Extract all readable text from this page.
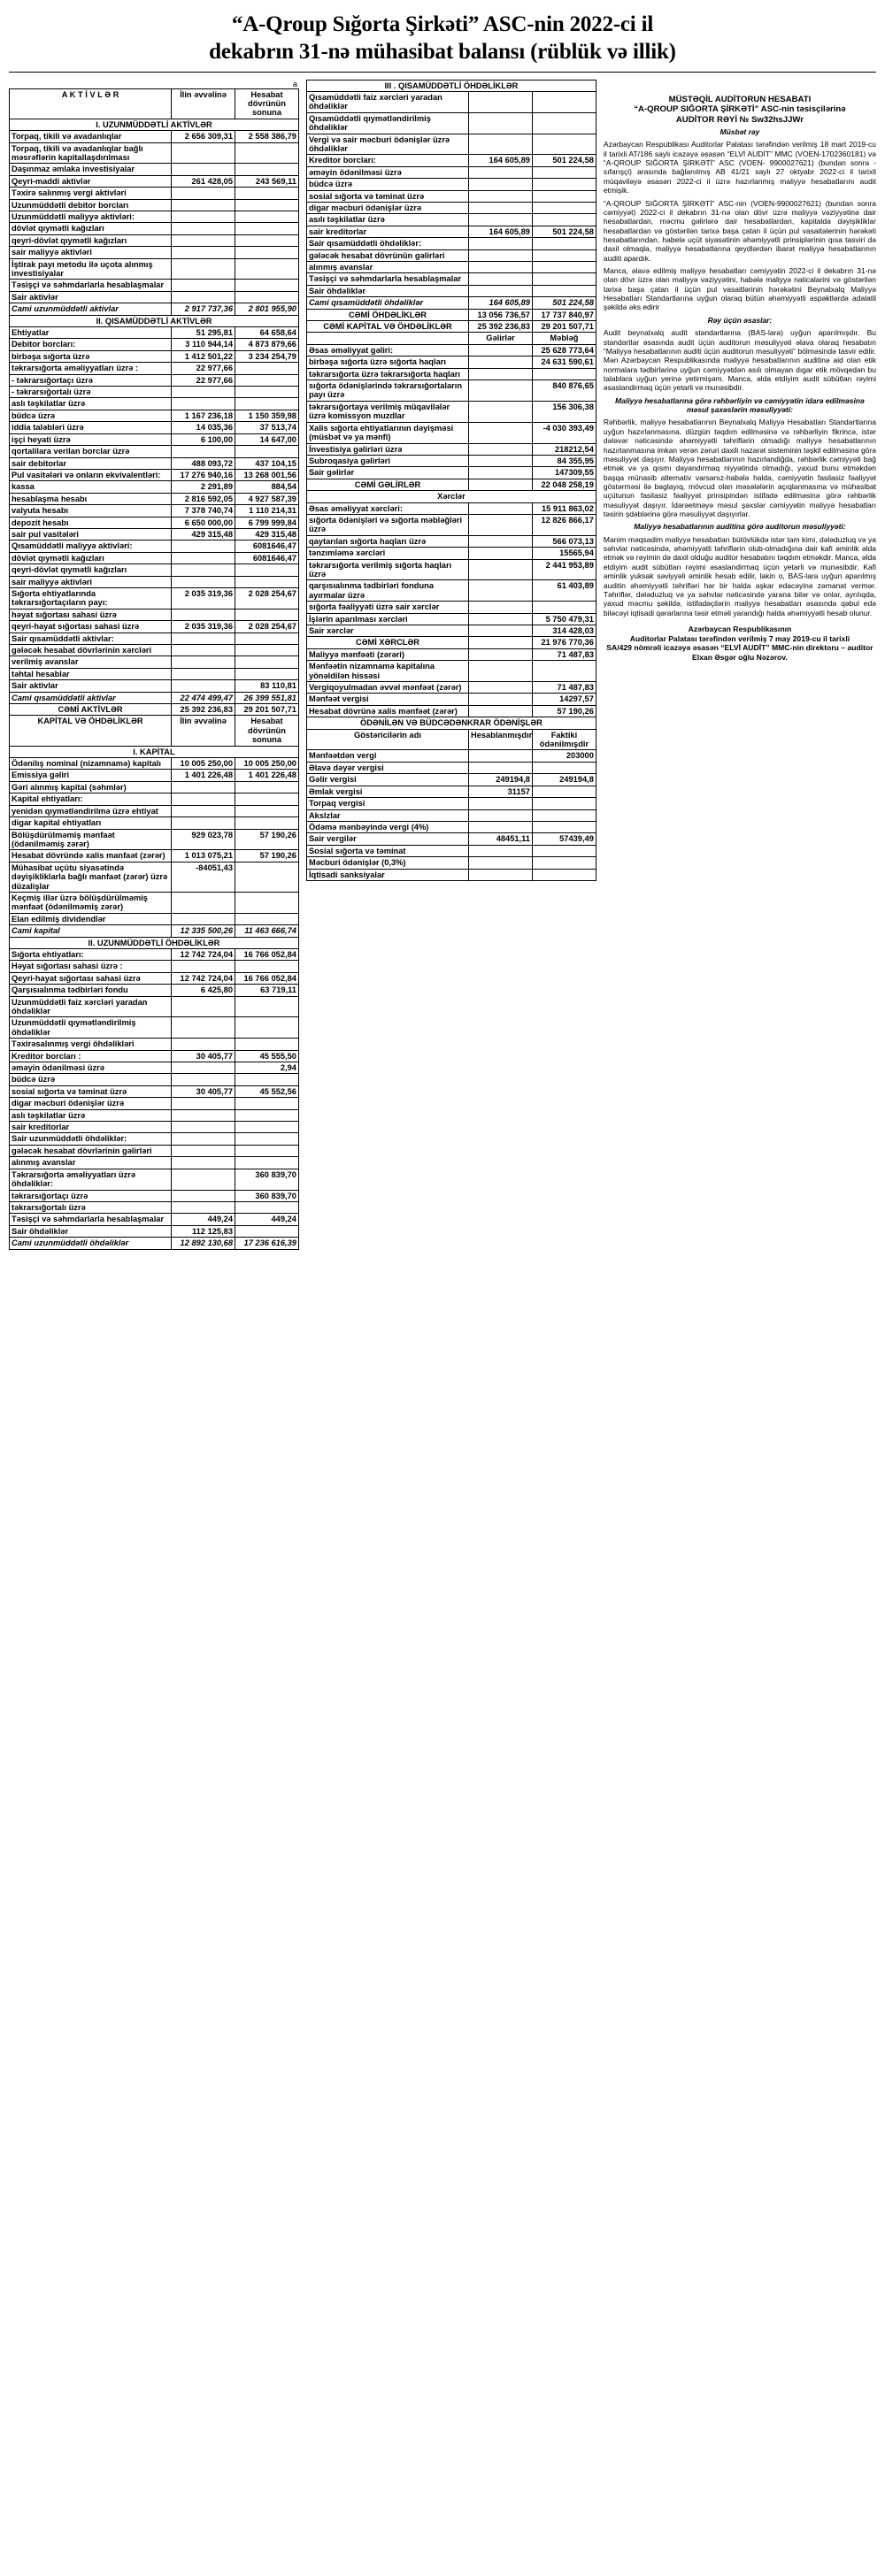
“A-Qroup Sığorta Şirkəti” ASC-nin 2022-ci il
dekabrın 31-nə mühasibat balansı (rüblük və illik)
a
A K T İ V L Ə R	İlin əvvəlinə	Hesabat dövrünün sonuna
I. UZUNMÜDDƏTLİ AKTİVLƏR		
Torpaq, tikili və avadanlıqlar	2 656 309,31	2 558 386,79
Torpaq, tikili və avadanlıqlar bağlı məsrəflərin kapitallaşdırılması		
Daşınmaz əmlaka investisiyalar		
Qeyri-maddi aktivlər	261 428,05	243 569,11
Təxirə salınmış vergi aktivləri		
Uzunmüddətli debitor borcları		
Uzunmüddətli maliyyə aktivləri:		
dövlət qıymətli kağızları		
qeyri-dövlət qıymətli kağızları		
sair maliyyə aktivləri		
İştirak payı metodu ilə uçota alınmış investisiyalar		
Təsişçi və səhmdarlarla hesablaşmalar		
Sair aktivlər		
Cami uzunmüddətli aktivlar	2 917 737,36	2 801 955,90
II. QISAMÜDDƏTLİ AKTİVLƏR		
Ehtiyatlar	51 295,81	64 658,64
Debitor borcları:	3 110 944,14	4 873 879,66
birbəşa sığorta üzrə	1 412 501,22	3 234 254,79
təkrarsığorta əməliyyatları üzrə :	22 977,66	
- təkrarsığortaçı üzrə	22 977,66	
- təkrarsığortalı üzrə		
aslı təşkilatlar üzrə		
büdcə üzrə	1 167 236,18	1 150 359,98
iddia taləbləri üzrə	14 035,36	37 513,74
işçi heyati üzrə	6 100,00	14 647,00
qortalilara verilan borclar üzrə		
sair debitorlar	488 093,72	437 104,15
Pul vasitələri və onların ekvivalentləri:	17 276 940,16	13 268 001,56
kassa	2 291,89	884,54
hesablaşma hesabı	2 816 592,05	4 927 587,39
valyuta hesabı	7 378 740,74	1 110 214,31
depozit hesabı	6 650 000,00	6 799 999,84
sair pul vasitələri	429 315,48	429 315,48
Qısamüddətli maliyyə aktivləri:		6081646,47
dövlət qıymətli kağızları		6081646,47
qeyri-dövlət qıymətli kağızları		
sair maliyyə aktivləri		
Sığorta ehtiyatlarında təkrarsığortaçıların payı:	2 035 319,36	2 028 254,67
həyat sığortası sahasi üzrə		
qeyri-hayat sığortası sahasi üzrə	2 035 319,36	2 028 254,67
Sair qısamüddətli aktivlar:		
gələcək hesabat dövrlərinin xərcləri		
verilmiş avanslar		
təhtal hesablar		
Sair aktivlar		83 110,81
Cami qısamüddətli aktivlar	22 474 499,47	26 399 551,81
CƏMİ AKTİVLƏR	25 392 236,83	29 201 507,71
KAPİTAL VƏ ÖHDƏLİKLƏR	İlin əvvəlinə	Hesabat dövrünün sonuna
I. KAPİTAL		
Ödənilış nominal (nizamnamə) kapitalı	10 005 250,00	10 005 250,00
Emissiya gəliri	1 401 226,48	1 401 226,48
Gəri alınmış kapital (səhmlər)		
Kapital ehtiyatları:		
yenidən qıymətləndirilmə üzrə ehtiyat		
digar kapital ehtiyatları		
Bölüşdürülməmiş mənfaət (ödənilməmiş zərər)	929 023,78	57 190,26
Hesabat dövründə xalis manfaət (zərər)	1 013 075,21	57 190,26
Mühasibat uçütu siyasətində dəyişikliklarla bağlı manfaət (zərər) üzrə düzalişlar	-84051,43	
Keçmiş illər üzrə bölüşdürülməmiş mənfaət (ödənilməmiş zərər)		
Elan edilmiş dividendlər		
Cami kapital	12 335 500,26	11 463 666,74
II. UZUNMÜDDƏTLİ ÖHDƏLİKLƏR		
Sığorta ehtiyatları:	12 742 724,04	16 766 052,84
Həyat sığortası sahasi üzrə :		
Qeyri-hayat sığortası sahasi üzrə	12 742 724,04	16 766 052,84
Qarşısıalınma tədbirləri fondu	6 425,80	63 719,11
Uzunmüddətli faiz xərcləri yaradan öhdəliklər		
Uzunmüddətli qıymətləndirilmiş öhdəliklər		
Təxirəsalınmış vergi öhdəlikləri		
Kreditor borcları :	30 405,77	45 555,50
əməyin ödənilməsi üzrə		2,94
büdcə üzrə		
sosial sığorta və təminat üzrə	30 405,77	45 552,56
digar məcburi ödənişlər üzrə		
aslı təşkilatlar üzrə		
sair kreditorlar		
Sair uzunmüddətli öhdəliklər:		
gələcək hesabat dövrlərinin gəlirləri		
alınmış avanslar		
Təkrarsığorta əməliyyatları üzrə öhdəliklər:		360 839,70
təkrarsığortaçı üzrə		360 839,70
təkrarsığortalı üzrə		
Təsişçi və səhmdarlarla hesablaşmalar	449,24	449,24
Sair öhdəliklər	112 125,83	
Cami uzunmüddətli öhdəliklər	12 892 130,68	17 236 616,39
III . QISAMÜDDƏTLİ ÖHDƏLİKLƏR		
Qısamüddətli faiz xərcləri yaradan öhdəliklər		
Qısamüddətli qıymətləndirilmiş öhdəliklər		
Vergi və sair məcburi ödənişlər üzrə öhdəliklər		
Kreditor borcları:	164 605,89	501 224,58
əməyin ödənilməsi üzrə		
büdcə üzrə		
sosial sığorta və təminat üzrə		
digar məcburi ödənişlər üzrə		
asılı təşkilatlar üzrə		
sair kreditorlar	164 605,89	501 224,58
Sair qısamüddətli öhdəliklər:		
gələcək hesabat dövrünün gəlirləri		
alınmış avanslar		
Təsişçi və səhmdarlarla hesablaşmalar		
Sair öhdəliklər		
Cami qısamüddətli öhdəliklər	164 605,89	501 224,58
CƏMİ ÖHDƏLİKLƏR	13 056 736,57	17 737 840,97
CƏMİ KAPİTAL VƏ ÖHDƏLİKLƏR	25 392 236,83	29 201 507,71
	Gəlirlər	Məbləğ
Əsas əməliyyat gəliri:		25 628 773,64
birbəşa sığorta üzrə sığorta haqları		24 631 590,61
təkrarsığorta üzrə təkrarsığorta haqları		
sığorta ödənişlərində təkrarsığortaların payı üzrə		840 876,65
təkrarsığortaya verilmiş müqavilələr üzrə komissyon muzdlar		156 306,38
Xalis sığorta ehtiyatlarının dəyişməsi (müsbət və ya mənfi)		-4 030 393,49
İnvestisiya gəlirləri üzrə		218212,54
Subroqasiya gəlirləri		84 355,95
Sair gəlirlər		147309,55
CƏMİ GƏLİRLƏR		22 048 258,19
Xərclər		
Əsas əməliyyat xərcləri:		15 911 863,02
sığorta ödənişləri və sığorta məbləğləri üzrə		12 826 866,17
qaytarılan sığorta haqları üzrə		566 073,13
tənzımləmə xərcləri		15565,94
təkrarsığorta verilmiş sığorta haqları üzrə		2 441 953,89
qarşısıalınma tədbirləri fonduna ayırmalar üzrə		61 403,89
sığorta fəaliyyəti üzrə sair xərclər		
İşlərin aparılması xərcləri		5 750 479,31
Sair xərclər		314 428,03
CƏMİ XƏRCLƏR		21 976 770,36
Maliyyə mənfəəti (zərəri)		71 487,83
Mənfəətin nizamnamə kapitalına yönəldilən hissəsi		
Vergiqoyulmadan əvvəl mənfəət (zərər)		71 487,83
Mənfəət vergisi		14297,57
Hesabat dövrünə xalis mənfəət (zərər)		57 190,26
ÖDƏNİLƏN VƏ BÜDCƏDƏNKRAR ÖDƏNİŞLƏR		
Göstəricilərin adı	Hesablanmışdır	Faktiki ödənilmışdir
Mənfəətdən vergi		203000
Əlavə dəyər vergisi		
Gəlir vergisi	249194,8	249194,8
Əmlak vergisi	31157	
Torpaq vergisi		
Akslzlar		
Ödəmə mənbəyində vergi (4%)		
Sair vergilər	48451,11	57439,49
Sosial sığorta və təminat		
Məcburi ödənişlər (0,3%)		
İqtisadi sanksiyalar		
MÜSTƏQİL AUDİTORUN HESABATI
“A-QROUP SIĞORTA ŞİRKƏTİ” ASC-nin təsisçilərinə
AUDİTOR RƏYİ № Sw32hsJJWr

Müsbət rəy

Azərbaycan Respublikası Auditorlar Palatası tərəfindən verilmiş 18 mart 2019-cu il tarixli AT/186 saylı icazəyə əsasən “ELVİ AUDİT” MMC (VOEN-1702360181) və “A-QROUP SIĞORTA ŞİRKƏTİ” ASC (VOEN- 9900027621) (bundan sonra - sıfarışçi) arasında bağlanılmış AB 41/21 saylı 27 oktyabr 2022-ci il tarixli müqaviləyə əsasən 2022-ci il üzrə hazırlanmış maliyyə hesabatlarını audit etmişik.

“A-QROUP SIĞORTA ŞİRKƏTİ” ASC-nin (VOEN-9900027621) (bundan sonra cəmiyyət) 2022-ci il dekabrın 31-nə olan dövr üzrə maliyyə vəziyyətinə dair hesabatlardan, məcmu gəlirlərə dair hesabatlardan, kapitalda dəyişikliklar hesabatlardan və göstərilən tarixə başa çatan il üçün pul vasaitəlerinin hərəkəti hesabatlarından, habelə uçüt siyasətinin əhəmiyyətli prinsiplərinin qısa tasviri də daxil olmaqla, maliyyə hesabatlarına qeydlərdən ibarət maliyyə hesabatlarının auditi apardık.

Manca, əlavə edilmiş maliyyə hesabatları cəmiyyətin 2022-ci il dekabrın 31-nə olan dövr üzrə olan maliyyə vəziyyətini, habələ maliyyə naticalarini və göstərilən tarixə başa çatan il üçün pul vasaitlərinin hərəkətini Beynalxalq Maliyyə Hesabatları Standartlarına uyğun olaraq bütün əhəmiyyətli aspəktlərdə adalatli şəkildə əks edirir

Rəy üçün əsaslar:

Audit beynalxalq audit standartlarına (BAS-lara) uyğun aparılmışdır. Bu standartlar əsasında audit üçün auditorun məsuliyyəti əlava olaraq hesabatın “Maliyyə hesabatlarının auditi üçün auditorun məsuliyyəti” bölməsində tasvir edilir. Mən Azərbaycan Respublikasında maliyyə hesabatlarının auditinə aid olan etik normalara tədbirlarinə uyğun cəmiyyətdən asılı olmayan dıgar etik mövqedən bu talablara uyğun yerinə yetirmişəm. Manca, əlda etdiyim audit sübütları rəyimi əsaslandirmaq üçün yetarli və munəsibdir.

Maliyyə hesabatlarına görə rəhbərliyin və cəmiyyətin idarə edilməsinə məsul şaxəslərin məsuliyyəti:

Rəhbərlik, maliyyə hesabatlarının Beynalxalq Maliyyə Hesabatları Standartlarına uyğun hazırlanmasına, düzgün təqdım edilməsinə və rəhbərliyin fikrincə, istər dələvər nəticəsində əhəmiyyətli təhriflərin olmadığı maliyyə hesabatlarının hazırlanmasına imkan verən zəruri daxili nazarət sisteminin təşkil edilməsinə görə məsuliyyət daşıyır. Maliyyə hesabatlarının hazırlandiğda, rəhbərlik cəmiyyəti bağ etmək və ya qısmı dayandırmaq niyyətində olmadığı, yaxud bunu etməkdən başqa münasib alternativ varsanız-habələ halda, cəmiyyətin fasilasiz fəaliyyət göstərməsi ilə baglayıq, mövcud olan məsələlərin açıqlanmasına və mühasibat uçütunun fasilasiz fəaliyyət prinsipindən istifadə edilməsinə görə rəhbərlik məsuliyyət daşıyır. İdarəetməyə məsul şəxslər cəmiyyətin maliyyə hesabatları təsirin şdəblərinə görə məsuliyyət daşıyırlar.

Maliyyə hesabatlarının auditina görə auditorun məsuliyyəti:

Manim məqsadim maliyyə hesabatları bütövlükdə istər tam kimi, dələduzluq və ya səhvlar nəticəsində, əhəmiyyətli təhriflərin olub-olmadığına dair kafi əminlik əlda etmək və rəyimin də daxil olduğu auditor hesabatını təqdım etməkdir. Manca, əlda etdiyim audit sübütları rəyimi əsaslandirmaq üçün yetarli və munəsibdir. Kafi əminlik yuksak səviyyəli əminlik hesab edilir, lakin o, BAS-lara uyğun aparılmış auditin əhəmiyyətli təhrifləri hər bir halda aşkar edacəyinə zəmanat vermər. Təhriflər, dələduzluq və ya səhvlar nəticəsində yarana bilər və onlar, ayrılıqda, yaxud məcmu şəkildə, istifadəçilərin maliyyə hesabatları əsasında qəbul edə biləcəyi iqtisadi qərarlarına təsir etməli yarandığı halda əhəmiyyətli hesab olunur.

Azərbaycan Respublikasının
Auditorlar Palatası tərəfindən verilmiş 7 may 2019-cu il tarixli
SA/429 nömrəli icazəyə əsasən “ELVİ AUDİT” MMC-nin direktoru – auditor
Elxan Əsgər oğlu Nəzərov.
